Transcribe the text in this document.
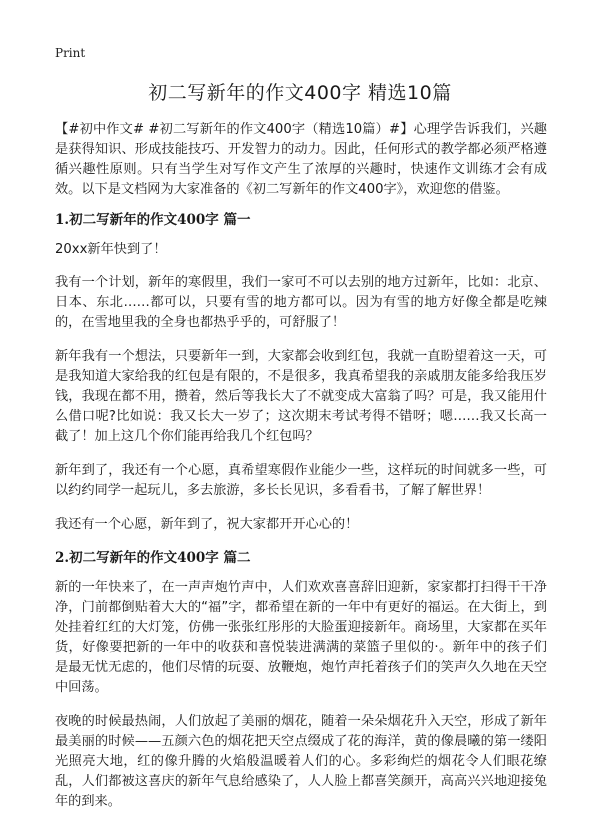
Print
初二写新年的作文400字 精选10篇

【#初中作文# #初二写新年的作文400字（精选10篇）#】心理学告诉我们，兴趣是获得知识、形成技能技巧、开发智力的动力。因此，任何形式的教学都必须严格遵循兴趣性原则。只有当学生对写作文产生了浓厚的兴趣时，快速作文训练才会有成效。以下是文档网为大家准备的《初二写新年的作文400字》，欢迎您的借鉴。

1.初二写新年的作文400字 篇一

20xx新年快到了！

我有一个计划，新年的寒假里，我们一家可不可以去别的地方过新年，比如：北京、日本、东北……都可以，只要有雪的地方都可以。因为有雪的地方好像全都是吃辣的，在雪地里我的全身也都热乎乎的，可舒服了！

新年我有一个想法，只要新年一到，大家都会收到红包，我就一直盼望着这一天，可是我知道大家给我的红包是有限的，不是很多，我真希望我的亲戚朋友能多给我压岁钱，我现在都不用，攒着，然后等我长大了不就变成大富翁了吗？可是，我又能用什么借口呢?比如说：我又长大一岁了；这次期末考试考得不错呀；嗯……我又长高一截了！加上这几个你们能再给我几个红包吗？

新年到了，我还有一个心愿，真希望寒假作业能少一些，这样玩的时间就多一些，可以约约同学一起玩儿，多去旅游，多长长见识，多看看书，了解了解世界！

我还有一个心愿，新年到了，祝大家都开开心心的！

2.初二写新年的作文400字 篇二

新的一年快来了，在一声声炮竹声中，人们欢欢喜喜辞旧迎新，家家都打扫得干干净净，门前都倒贴着大大的“福”字，都希望在新的一年中有更好的福运。在大街上，到处挂着红红的大灯笼，仿佛一张张红彤彤的大脸蛋迎接新年。商场里，大家都在买年货，好像要把新的一年中的收获和喜悦装进满满的菜篮子里似的·。新年中的孩子们是最无忧无虑的，他们尽情的玩耍、放鞭炮，炮竹声托着孩子们的笑声久久地在天空中回荡。

夜晚的时候最热闹，人们放起了美丽的烟花，随着一朵朵烟花升入天空，形成了新年最美丽的时候——五颜六色的烟花把天空点缀成了花的海洋，黄的像晨曦的第一缕阳光照亮大地，红的像升腾的火焰般温暖着人们的心。多彩绚烂的烟花令人们眼花缭乱，人们都被这喜庆的新年气息给感染了，人人脸上都喜笑颜开，高高兴兴地迎接兔年的到来。
